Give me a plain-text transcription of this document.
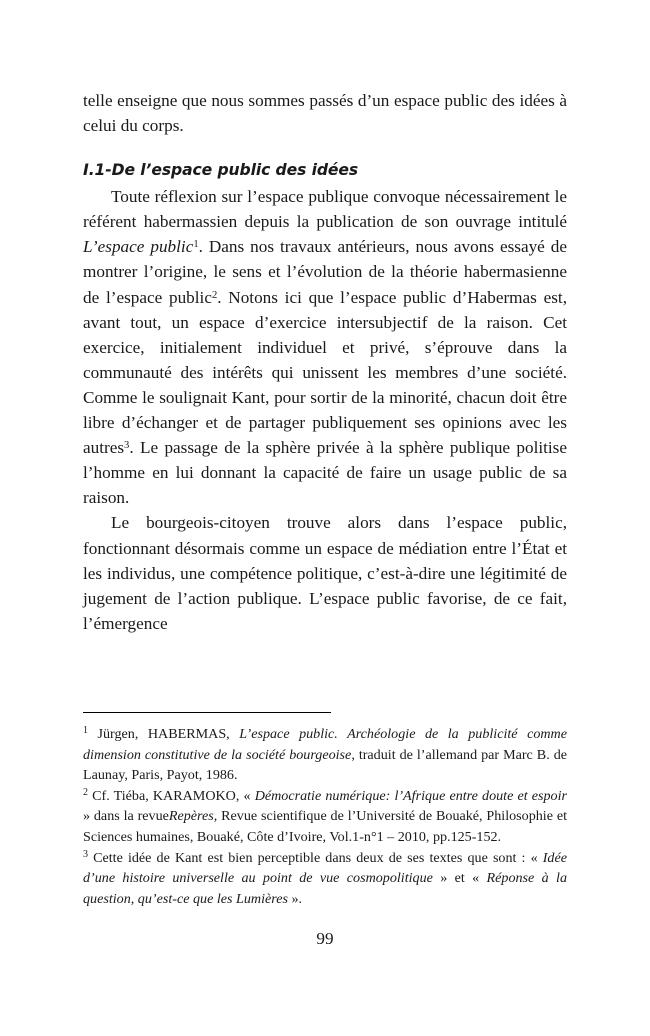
telle enseigne que nous sommes passés d’un espace public des idées à celui du corps.

I.1-De l’espace public des idées

Toute réflexion sur l’espace publique convoque nécessairement le référent habermassien depuis la publication de son ouvrage intitulé L’espace public$^1$. Dans nos travaux antérieurs, nous avons essayé de montrer l’origine, le sens et l’évolution de la théorie habermasienne de l’espace public$^2$. Notons ici que l’espace public d’Habermas est, avant tout, un espace d’exercice intersubjectif de la raison. Cet exercice, initialement individuel et privé, s’éprouve dans la communauté des intérêts qui unissent les membres d’une société. Comme le soulignait Kant, pour sortir de la minorité, chacun doit être libre d’échanger et de partager publiquement ses opinions avec les autres$^3$. Le passage de la sphère privée à la sphère publique politise l’homme en lui donnant la capacité de faire un usage public de sa raison.

Le bourgeois-citoyen trouve alors dans l’espace public, fonctionnant désormais comme un espace de médiation entre l’État et les individus, une compétence politique, c’est-à-dire une légitimité de jugement de l’action publique. L’espace public favorise, de ce fait, l’émergence

$^1$ Jürgen, HABERMAS, L’espace public. Archéologie de la publicité comme dimension constitutive de la société bourgeoise, traduit de l’allemand par Marc B. de Launay, Paris, Payot, 1986.

$^2$ Cf. Tiéba, KARAMOKO, « Démocratie numérique: l’Afrique entre doute et espoir » dans la revueRepères, Revue scientifique de l’Université de Bouaké, Philosophie et Sciences humaines, Bouaké, Côte d’Ivoire, Vol.1-n°1 – 2010, pp.125-152.

$^3$ Cette idée de Kant est bien perceptible dans deux de ses textes que sont : « Idée d’une histoire universelle au point de vue cosmopolitique » et « Réponse à la question, qu’est-ce que les Lumières ».

99
